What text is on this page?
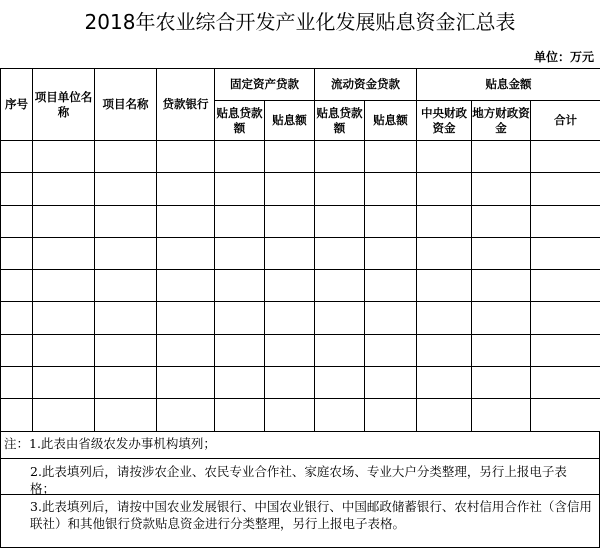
2018年农业综合开发产业化发展贴息资金汇总表
单位：万元
序号	项目单位名称	项目名称	贷款银行	固定资产贷款		流动资金贷款		贴息金额		
				贴息贷款额	贴息额	贴息贷款额	贴息额	中央财政资金	地方财政资金	合计

注：1.此表由省级农发办事机构填列；
2.此表填列后，请按涉农企业、农民专业合作社、家庭农场、专业大户分类整理，另行上报电子表格；
3.此表填列后，请按中国农业发展银行、中国农业银行、中国邮政储蓄银行、农村信用合作社（含信用联社）和其他银行贷款贴息资金进行分类整理，另行上报电子表格。
